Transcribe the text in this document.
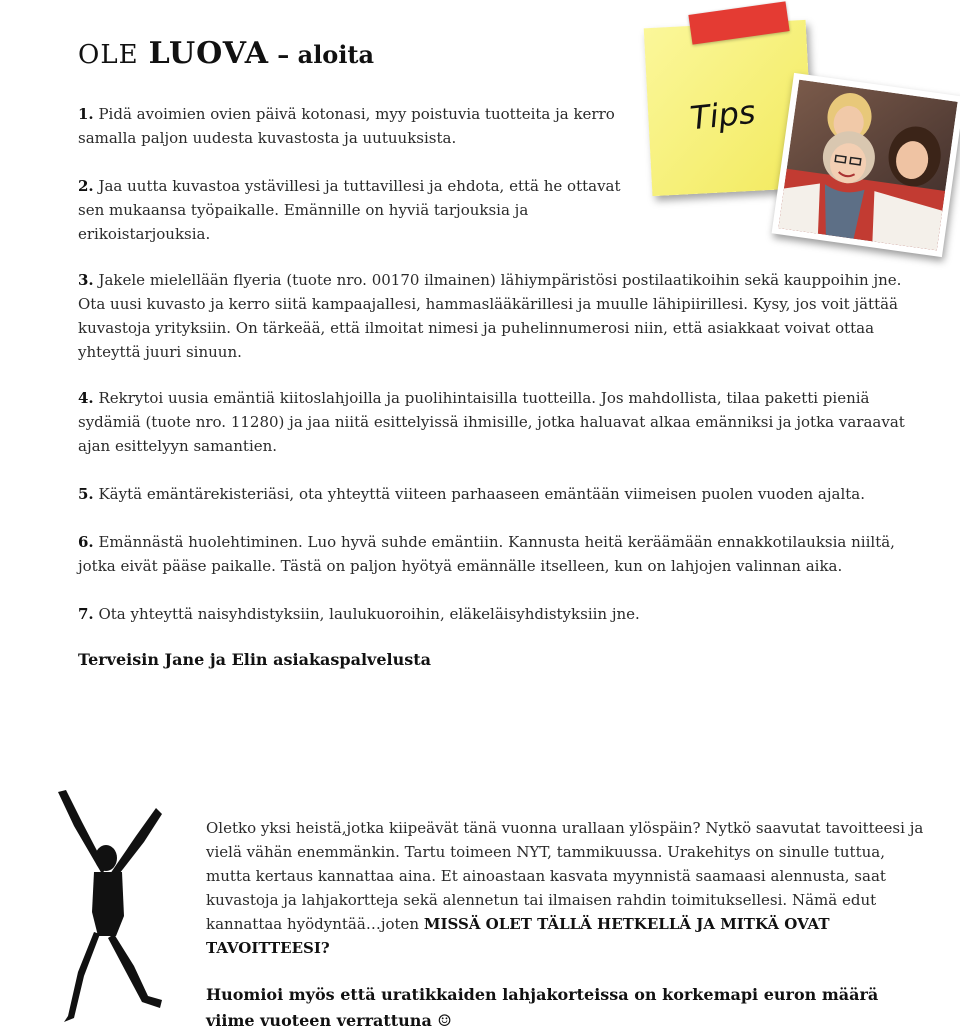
OLE LUOVA – aloita
Tips
1. Pidä avoimien ovien päivä kotonasi, myy poistuvia tuotteita ja kerro samalla paljon uudesta kuvastosta ja uutuuksista.
2. Jaa uutta kuvastoa ystävillesi ja tuttavillesi ja ehdota, että he ottavat sen mukaansa työpaikalle. Emännille on hyviä tarjouksia ja erikoistarjouksia.
3. Jakele mielellään flyeria (tuote nro. 00170 ilmainen) lähiympäristösi postilaatikoihin sekä kauppoihin jne. Ota uusi kuvasto ja kerro siitä kampaajallesi, hammaslääkärillesi ja muulle lähipiirillesi. Kysy, jos voit jättää kuvastoja yrityksiin. On tärkeää, että ilmoitat nimesi ja puhelinnumerosi niin, että asiakkaat voivat ottaa yhteyttä juuri sinuun.
4. Rekrytoi uusia emäntiä kiitoslahjoilla ja puolihintaisilla tuotteilla. Jos mahdollista, tilaa paketti pieniä sydämiä (tuote nro. 11280) ja jaa niitä esittelyissä ihmisille, jotka haluavat alkaa emänniksi ja jotka varaavat ajan esittelyyn samantien.
5. Käytä emäntärekisteriäsi, ota yhteyttä viiteen parhaaseen emäntään viimeisen puolen vuoden ajalta.
6. Emännästä huolehtiminen. Luo hyvä suhde emäntiin. Kannusta heitä keräämään ennakkotilauksia niiltä, jotka eivät pääse paikalle. Tästä on paljon hyötyä emännälle itselleen, kun on lahjojen valinnan aika.
7. Ota yhteyttä naisyhdistyksiin, laulukuoroihin, eläkeläisyhdistyksiin jne.
Terveisin Jane ja Elin asiakaspalvelusta
Oletko yksi heistä,jotka kiipeävät tänä vuonna urallaan ylöspäin? Nytkö saavutat tavoitteesi ja vielä vähän enemmänkin. Tartu toimeen NYT, tammikuussa. Urakehitys on sinulle tuttua, mutta kertaus kannattaa aina. Et ainoastaan kasvata myynnistä saamaasi alennusta, saat kuvastoja ja lahjakortteja sekä alennetun tai ilmaisen rahdin toimituksellesi. Nämä edut kannattaa hyödyntää…joten MISSÄ OLET TÄLLÄ HETKELLÄ JA MITKÄ OVAT TAVOITTEESI?
Huomioi myös että uratikkaiden lahjakorteissa on korkemapi euron määrä viime vuoteen verrattuna ☺
